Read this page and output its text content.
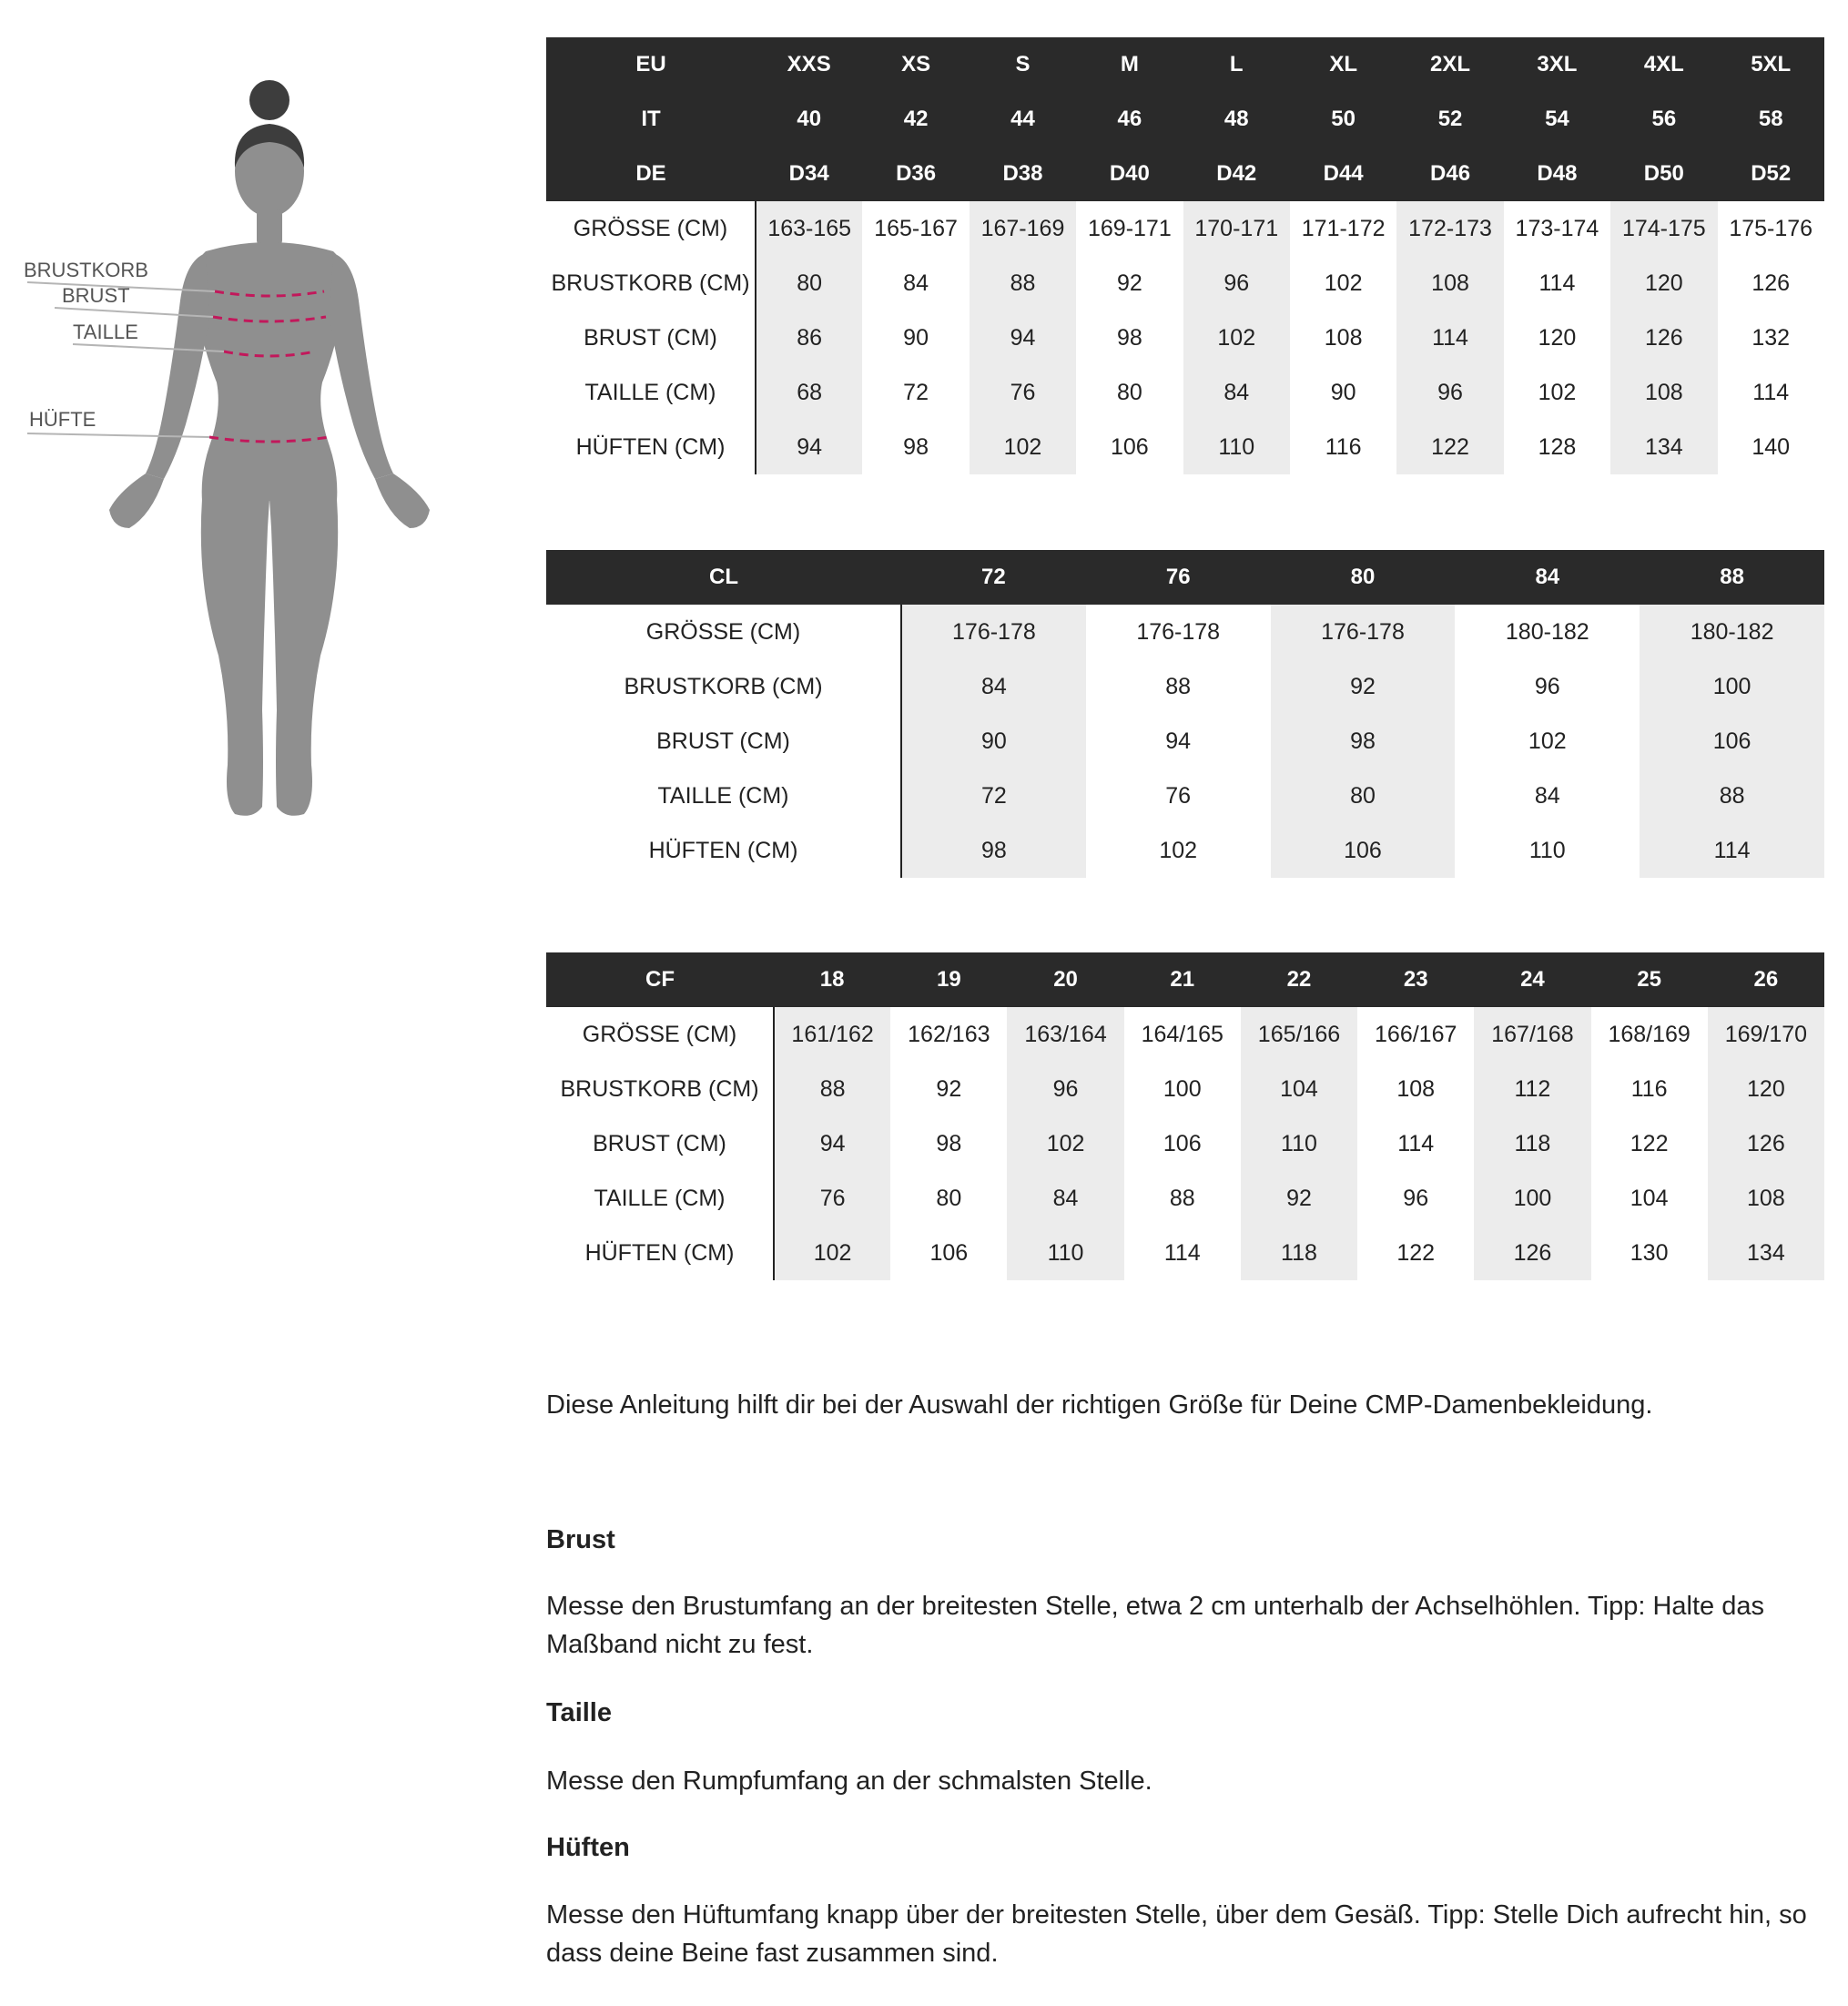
BRUSTKORB
BRUST
TAILLE
HÜFTE
EU	XXS	XS	S	M	L	XL	2XL	3XL	4XL	5XL
IT	40	42	44	46	48	50	52	54	56	58
DE	D34	D36	D38	D40	D42	D44	D46	D48	D50	D52
GRÖSSE (CM)	163-165	165-167	167-169	169-171	170-171	171-172	172-173	173-174	174-175	175-176
BRUSTKORB (CM)	80	84	88	92	96	102	108	114	120	126
BRUST (CM)	86	90	94	98	102	108	114	120	126	132
TAILLE (CM)	68	72	76	80	84	90	96	102	108	114
HÜFTEN (CM)	94	98	102	106	110	116	122	128	134	140
CL	72	76	80	84	88
GRÖSSE (CM)	176-178	176-178	176-178	180-182	180-182
BRUSTKORB (CM)	84	88	92	96	100
BRUST (CM)	90	94	98	102	106
TAILLE (CM)	72	76	80	84	88
HÜFTEN (CM)	98	102	106	110	114
CF	18	19	20	21	22	23	24	25	26
GRÖSSE (CM)	161/162	162/163	163/164	164/165	165/166	166/167	167/168	168/169	169/170
BRUSTKORB (CM)	88	92	96	100	104	108	112	116	120
BRUST (CM)	94	98	102	106	110	114	118	122	126
TAILLE (CM)	76	80	84	88	92	96	100	104	108
HÜFTEN (CM)	102	106	110	114	118	122	126	130	134

Diese Anleitung hilft dir bei der Auswahl der richtigen Größe für Deine CMP-Damenbekleidung.

Brust

Messe den Brustumfang an der breitesten Stelle, etwa 2 cm unterhalb der Achselhöhlen. Tipp: Halte das Maßband nicht zu fest.

Taille

Messe den Rumpfumfang an der schmalsten Stelle.

Hüften

Messe den Hüftumfang knapp über der breitesten Stelle, über dem Gesäß. Tipp: Stelle Dich aufrecht hin, so dass deine Beine fast zusammen sind.
